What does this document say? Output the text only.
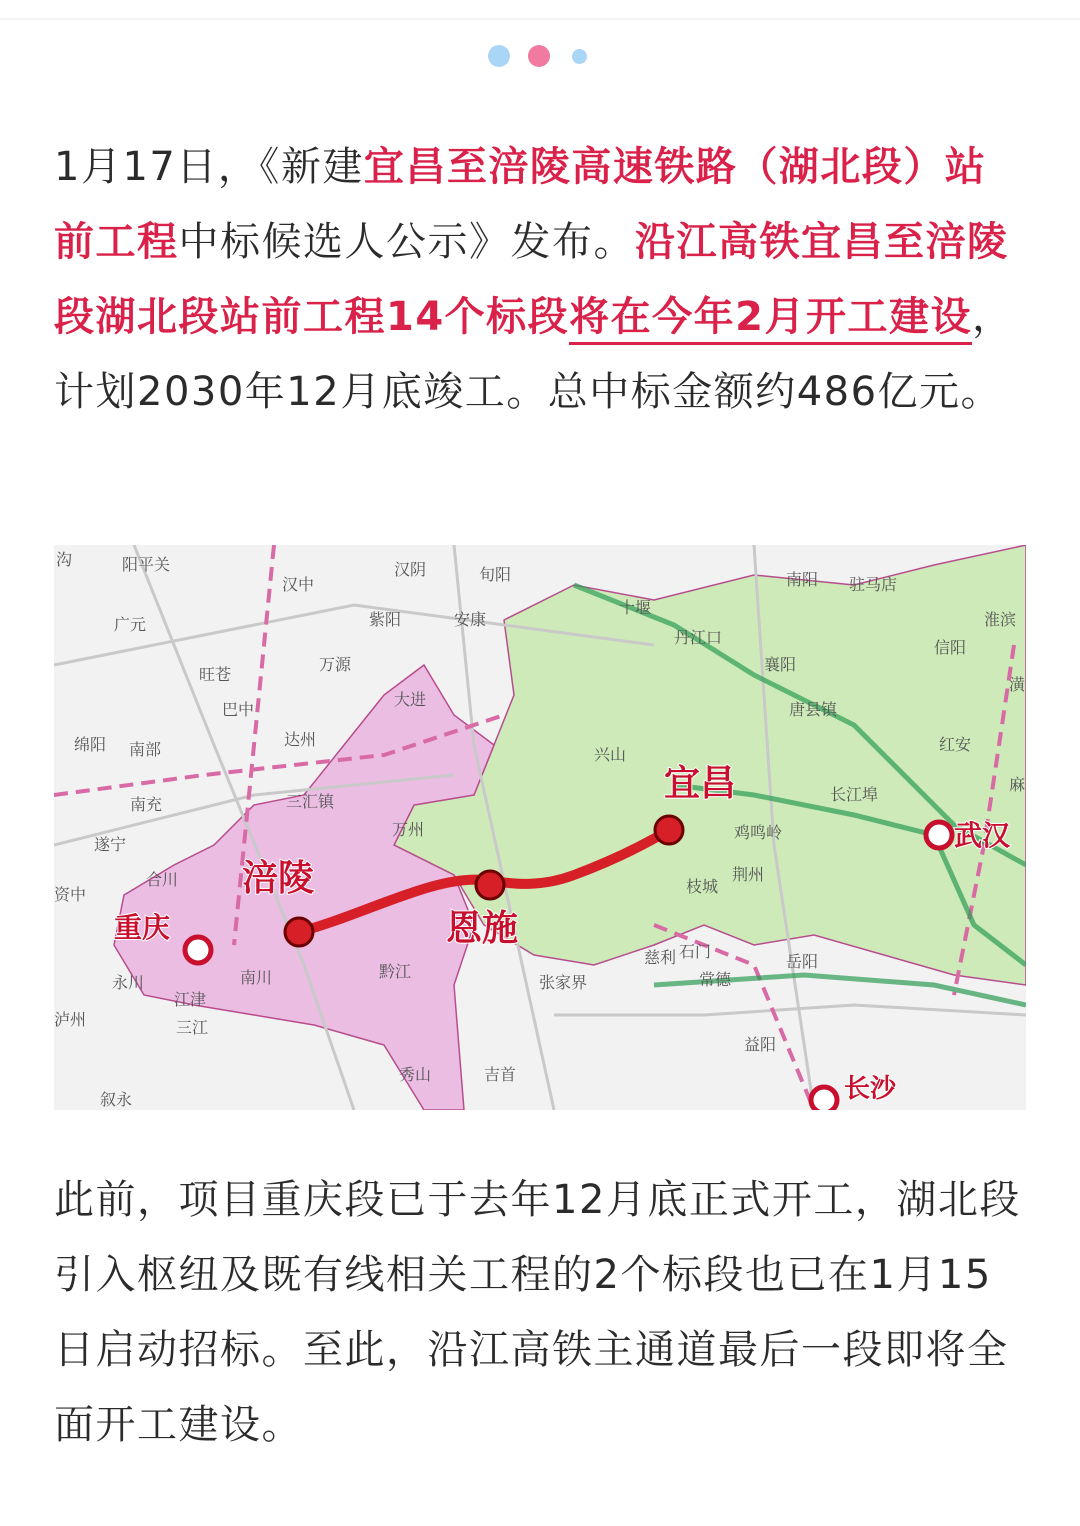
1月17日，《新建宜昌至涪陵高速铁路（湖北段）站前工程中标候选人公示》发布。沿江高铁宜昌至涪陵段湖北段站前工程14个标段将在今年2月开工建设，计划2030年12月底竣工。总中标金额约486亿元。
涪陵
恩施
宜昌
重庆
武汉
长沙
沟	阳平关
汉中
汉阴	旬阳
十堰
丹江口
南阳 驻马店
广元	紫阳	安康	淮滨
旺苍
万源	襄阳
信阳
巴中
大进
唐县镇
潢
绵阳 南部
达州
兴山
红安
南充	三汇镇	长江埠
麻
遂宁
万州	鸡鸣岭
合川	荆州
资中	枝城
石门
慈利	岳阳
永川	南川	黔江
张家界	常德
江津
泸州	三江
益阳
秀山	吉首
叙永
此前，项目重庆段已于去年12月底正式开工，湖北段引入枢纽及既有线相关工程的2个标段也已在1月15日启动招标。至此，沿江高铁主通道最后一段即将全面开工建设。
